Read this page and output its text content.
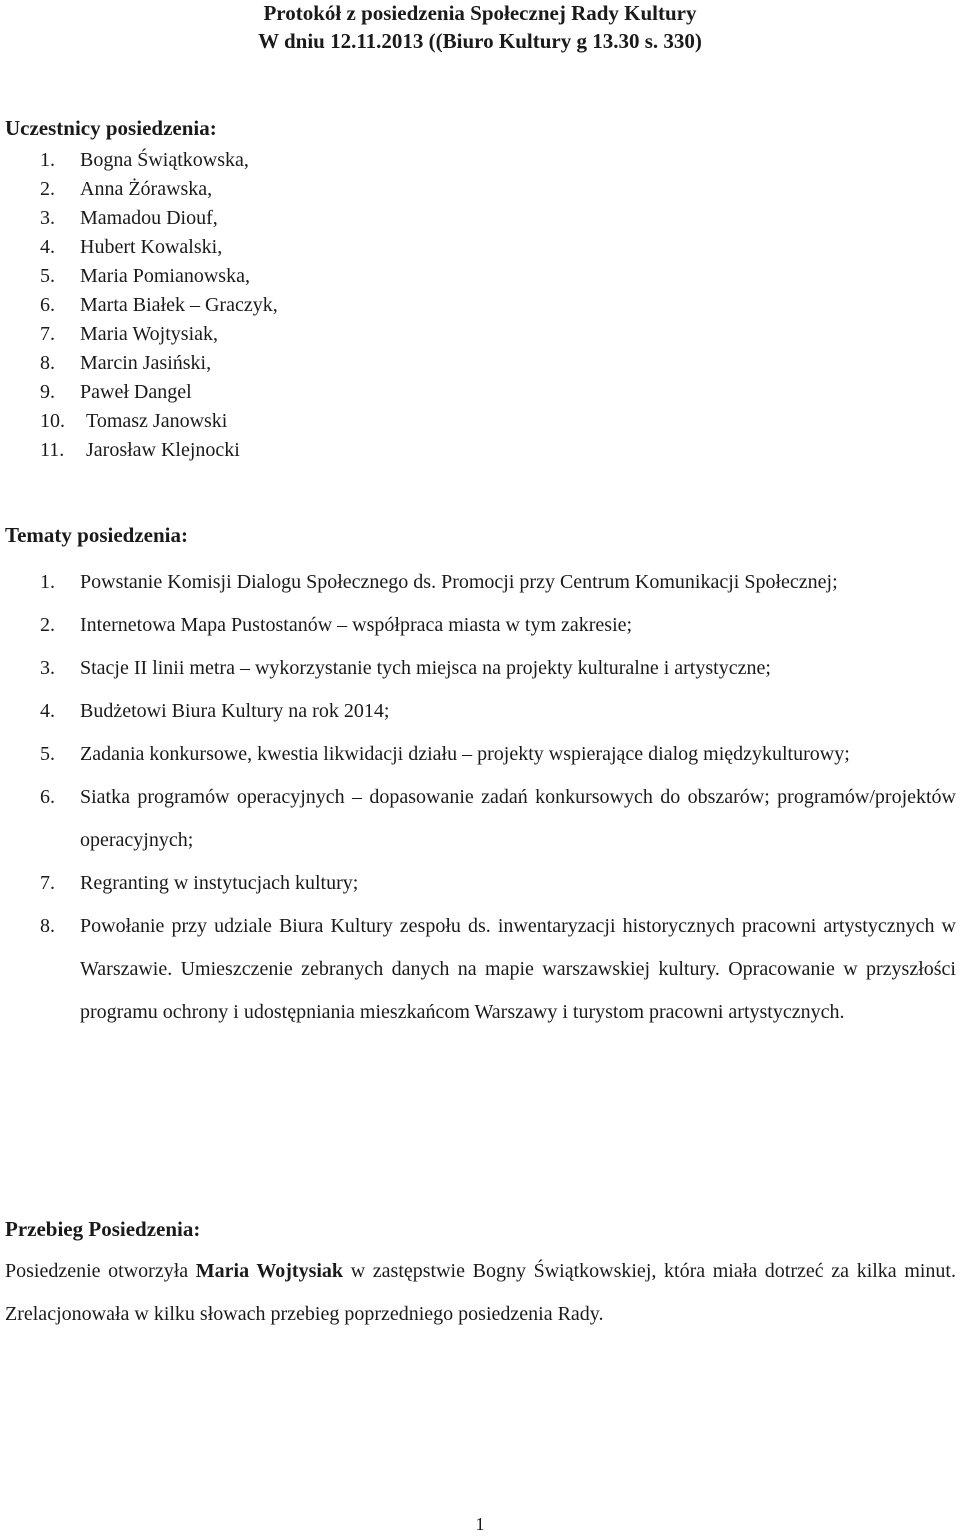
Protokół z posiedzenia Społecznej Rady Kultury
W dniu 12.11.2013 ((Biuro Kultury g 13.30 s. 330)
Uczestnicy posiedzenia:
1. Bogna Świątkowska,
2. Anna Żórawska,
3. Mamadou Diouf,
4. Hubert Kowalski,
5. Maria Pomianowska,
6. Marta Białek – Graczyk,
7. Maria Wojtysiak,
8. Marcin Jasiński,
9. Paweł Dangel
10. Tomasz Janowski
11. Jarosław Klejnocki
Tematy posiedzenia:
1. Powstanie Komisji Dialogu Społecznego ds. Promocji przy Centrum Komunikacji Społecznej;
2. Internetowa Mapa Pustostanów – współpraca miasta w tym zakresie;
3. Stacje II linii metra – wykorzystanie tych miejsca na projekty kulturalne i artystyczne;
4. Budżetowi Biura Kultury na rok 2014;
5. Zadania konkursowe, kwestia likwidacji działu – projekty wspierające dialog międzykulturowy;
6. Siatka programów operacyjnych – dopasowanie zadań konkursowych do obszarów; programów/projektów operacyjnych;
7. Regranting w instytucjach kultury;
8. Powołanie przy udziale Biura Kultury zespołu ds. inwentaryzacji historycznych pracowni artystycznych w Warszawie. Umieszczenie zebranych danych na mapie warszawskiej kultury. Opracowanie w przyszłości programu ochrony i udostępniania mieszkańcom Warszawy i turystom pracowni artystycznych.
Przebieg Posiedzenia:

Posiedzenie otworzyła Maria Wojtysiak w zastępstwie Bogny Świątkowskiej, która miała dotrzeć za kilka minut. Zrelacjonowała w kilku słowach przebieg poprzedniego posiedzenia Rady.

1
